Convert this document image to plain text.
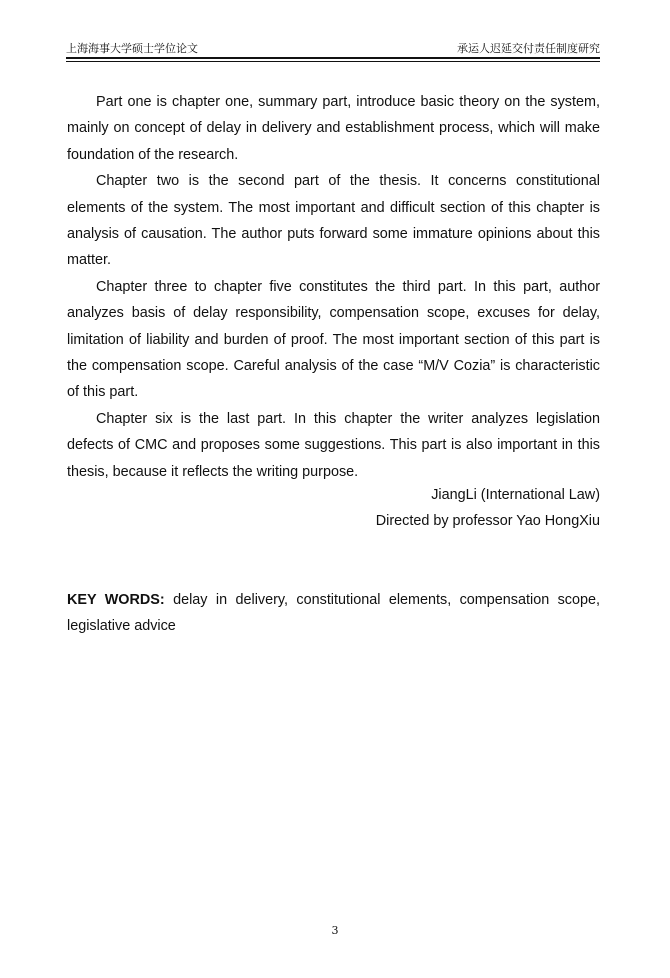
上海海事大学硕士学位论文	承运人迟延交付责任制度研究

Part one is chapter one, summary part, introduce basic theory on the system, mainly on concept of delay in delivery and establishment process, which will make foundation of the research.

Chapter two is the second part of the thesis. It concerns constitutional elements of the system. The most important and difficult section of this chapter is analysis of causation. The author puts forward some immature opinions about this matter.

Chapter three to chapter five constitutes the third part. In this part, author analyzes basis of delay responsibility, compensation scope, excuses for delay, limitation of liability and burden of proof. The most important section of this part is the compensation scope. Careful analysis of the case “M/V Cozia” is characteristic of this part.

Chapter six is the last part. In this chapter the writer analyzes legislation defects of CMC and proposes some suggestions. This part is also important in this thesis, because it reflects the writing purpose.

JiangLi (International Law)
Directed by professor Yao HongXiu
KEY WORDS: delay in delivery, constitutional elements, compensation scope, legislative advice
3
